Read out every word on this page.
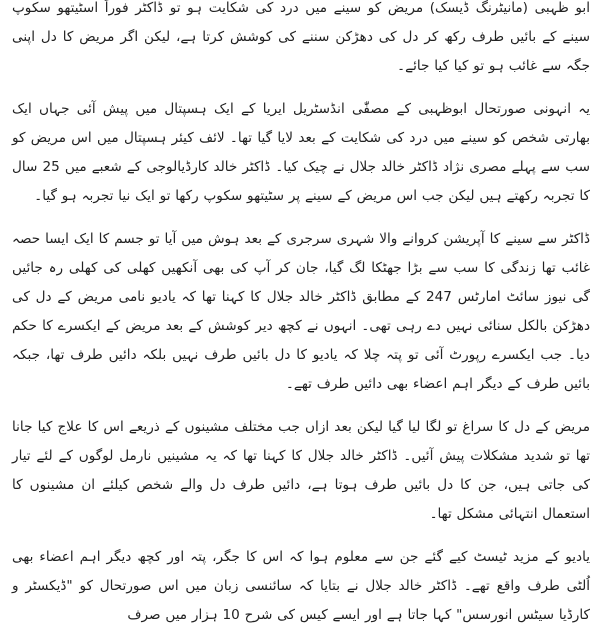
ابو ظہبی (مانیٹرنگ ڈیسک) مریض کو سینے میں درد کی شکایت ہو تو ڈاکٹر فوراً اسٹیتھو سکوپ سینے کے بائیں طرف رکھ کر دل کی دھڑکن سننے کی کوشش کرتا ہے، لیکن اگر مریض کا دل اپنی جگہ سے غائب ہو تو کیا کیا جائے۔

یہ انہونی صورتحال ابوظہبی کے مصفّٰی انڈسٹریل ایریا کے ایک ہسپتال میں پیش آئی جہاں ایک بھارتی شخص کو سینے میں درد کی شکایت کے بعد لایا گیا تھا۔ لائف کیئر ہسپتال میں اس مریض کو سب سے پہلے مصری نژاد ڈاکٹر خالد جلال نے چیک کیا۔ ڈاکٹر خالد کارڈیالوجی کے شعبے میں 25 سال کا تجربہ رکھتے ہیں لیکن جب اس مریض کے سینے پر سٹیتھو سکوپ رکھا تو ایک نیا تجربہ ہو گیا۔

ڈاکٹر سے سینے کا آپریشن کروانے والا شہری سرجری کے بعد ہوش میں آیا تو جسم کا ایک ایسا حصہ غائب تھا زندگی کا سب سے بڑا جھٹکا لگ گیا، جان کر آپ کی بھی آنکھیں کھلی کی کھلی رہ جائیں گی نیوز سائٹ امارٹس 247 کے مطابق ڈاکٹر خالد جلال کا کہنا تھا کہ یادیو نامی مریض کے دل کی دھڑکن بالکل سنائی نہیں دے رہی تھی۔ انہوں نے کچھ دیر کوشش کے بعد مریض کے ایکسرے کا حکم دیا۔ جب ایکسرے رپورٹ آئی تو پتہ چلا کہ یادیو کا دل بائیں طرف نہیں بلکہ دائیں طرف تھا، جبکہ بائیں طرف کے دیگر اہم اعضاء بھی دائیں طرف تھے۔

مریض کے دل کا سراغ تو لگا لیا گیا لیکن بعد ازاں جب مختلف مشینوں کے ذریعے اس کا علاج کیا جانا تھا تو شدید مشکلات پیش آئیں۔ ڈاکٹر خالد جلال کا کہنا تھا کہ یہ مشینیں نارمل لوگوں کے لئے تیار کی جاتی ہیں، جن کا دل بائیں طرف ہوتا ہے، دائیں طرف دل والے شخص کیلئے ان مشینوں کا استعمال انتہائی مشکل تھا۔

یادیو کے مزید ٹیسٹ کیے گئے جن سے معلوم ہوا کہ اس کا جگر، پتہ اور کچھ دیگر اہم اعضاء بھی اُلٹی طرف واقع تھے۔ ڈاکٹر خالد جلال نے بتایا کہ سائنسی زبان میں اس صورتحال کو "ڈیکسٹر و کارڈیا سیٹس انورسس" کہا جاتا ہے اور ایسے کیس کی شرح 10 ہزار میں صرف
